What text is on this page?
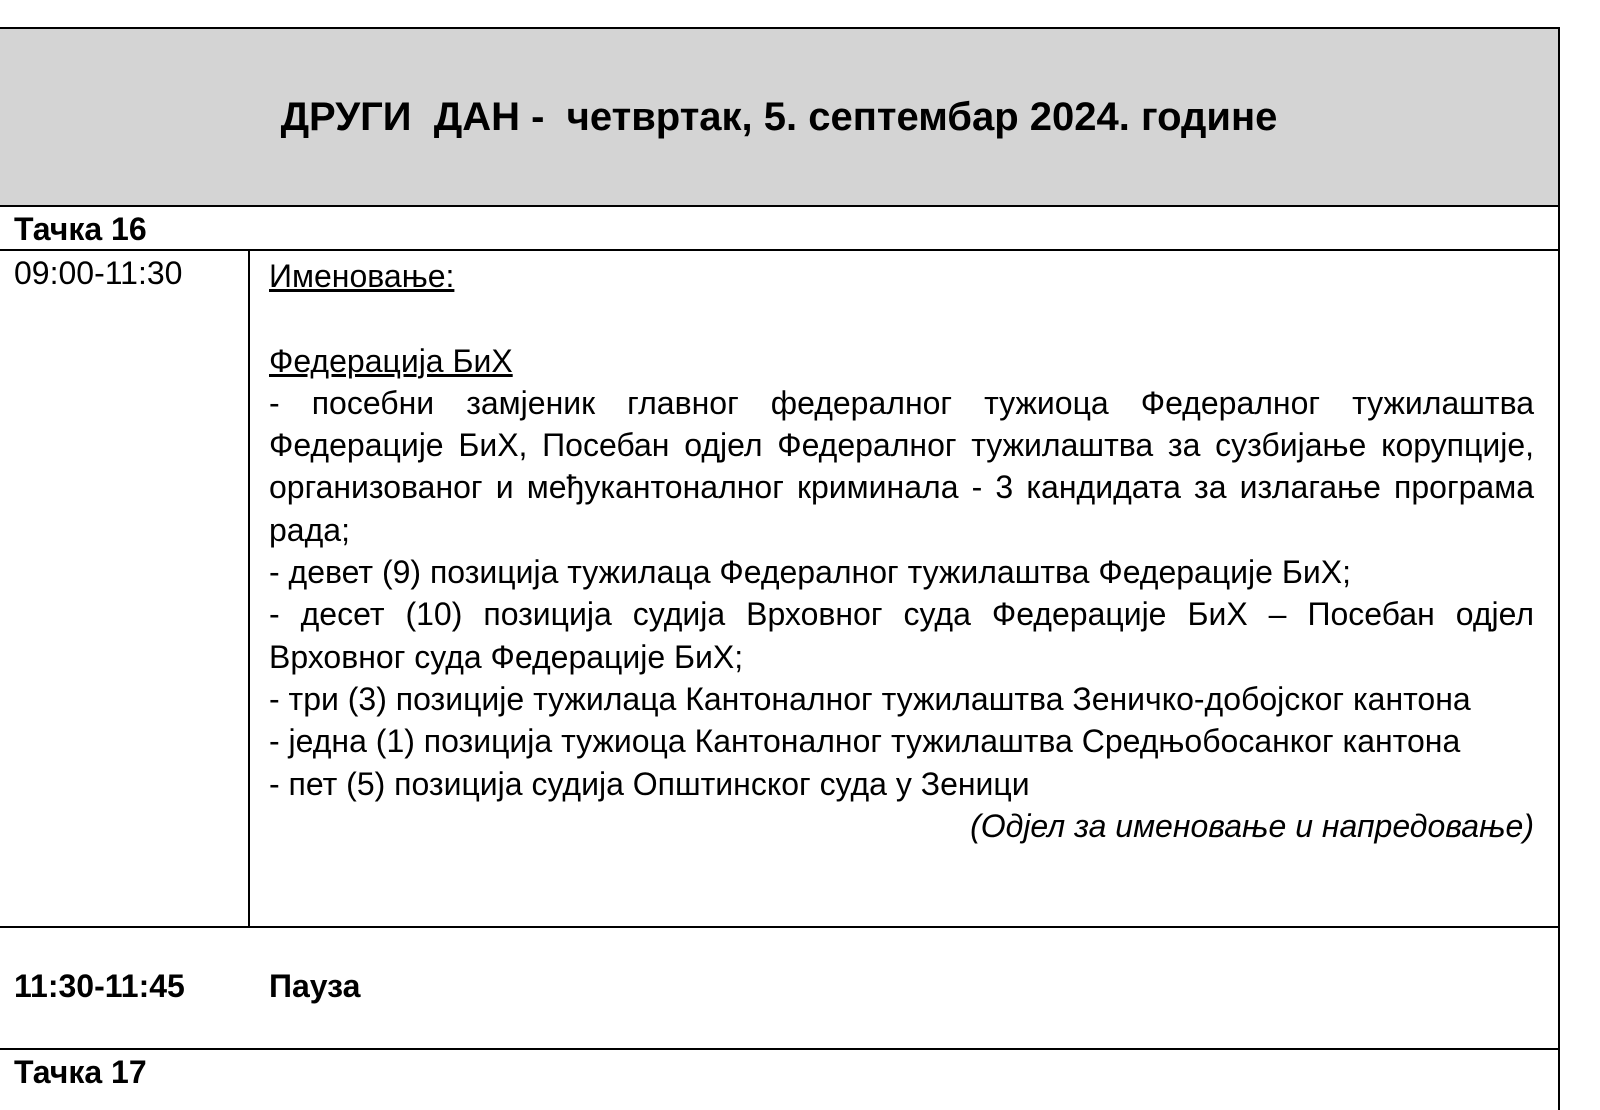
ДРУГИ  ДАН -  четвртак, 5. септембар 2024. године
Тачка 16
09:00-11:30	Именовање:
Федерација БиХ
- посебни замјеник главног федералног тужиоца Федералног тужилаштва Федерације БиХ, Посебан одјел Федералног тужилаштва за сузбијање корупције, организованог и међукантоналног криминала - 3 кандидата за излагање програма рада;
- девет (9) позиција тужилаца Федералног тужилаштва Федерације БиХ;
- десет (10) позиција судија Врховног суда Федерације БиХ – Посебан одјел Врховног суда Федерације БиХ;
- три (3) позиције тужилаца Кантоналног тужилаштва Зеничко-добојског кантона
- једна (1) позиција тужиоца Кантоналног тужилаштва Средњобосанког кантона
- пет (5) позиција судија Општинског суда у Зеници
(Одјел за именовање и напредовање)
11:30-11:45	Пауза
Тачка 17
